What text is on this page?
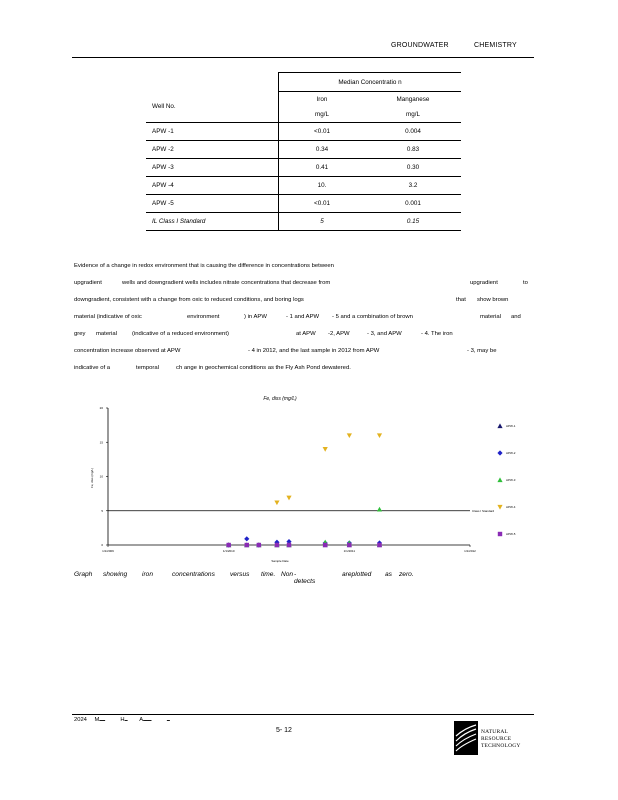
GROUNDWATER	CHEMISTRY
	Median Concentratio n	
Well No.	Iron	Manganese
	mg/L	mg/L
APW -1	<0.01	0.004
APW -2	0.34	0.83
APW -3	0.41	0.30
APW -4	10.	3.2
APW -5	<0.01	0.001
IL Class I Standard	5	0.15
Evidence of a change in redox environment that is causing the difference in concentrations between
upgradient	wells and downgradient wells includes nitrate concentrations that decrease from	upgradient	to
downgradient, consistent with a change from oxic to reduced conditions, and boring logs	that show brown
material (indicative of oxic	environment	) in APW	- 1 and APW - 5 and a combination of brown	material and
grey material	(indicative of a reduced environment)	at APW -2, APW	- 3, and APW	- 4. The iron
concentration increase observed at APW	- 4 in 2012, and the last sample in 2012 from APW	- 3, may be
indicative of a	temporal	ch ange in geochemical conditions as the Fly Ash Pond dewatered.
Fe, diss (mg/L)
Fe, diss (mg/L)
Sample Date
0
5
10
15
20
1/1/2009	1/1/2010	1/1/2011	1/1/2012
Class I Standard
APW-1
APW-2
APW-3
APW-4
APW-5
Graph showing iron	concentrations versus time. Non - detects
areplotted as zero.
2024 M▬▬	H▬ A▬▬▬	▬
5- 12	NATURAL
RESOURCE
TECHNOLOGY
